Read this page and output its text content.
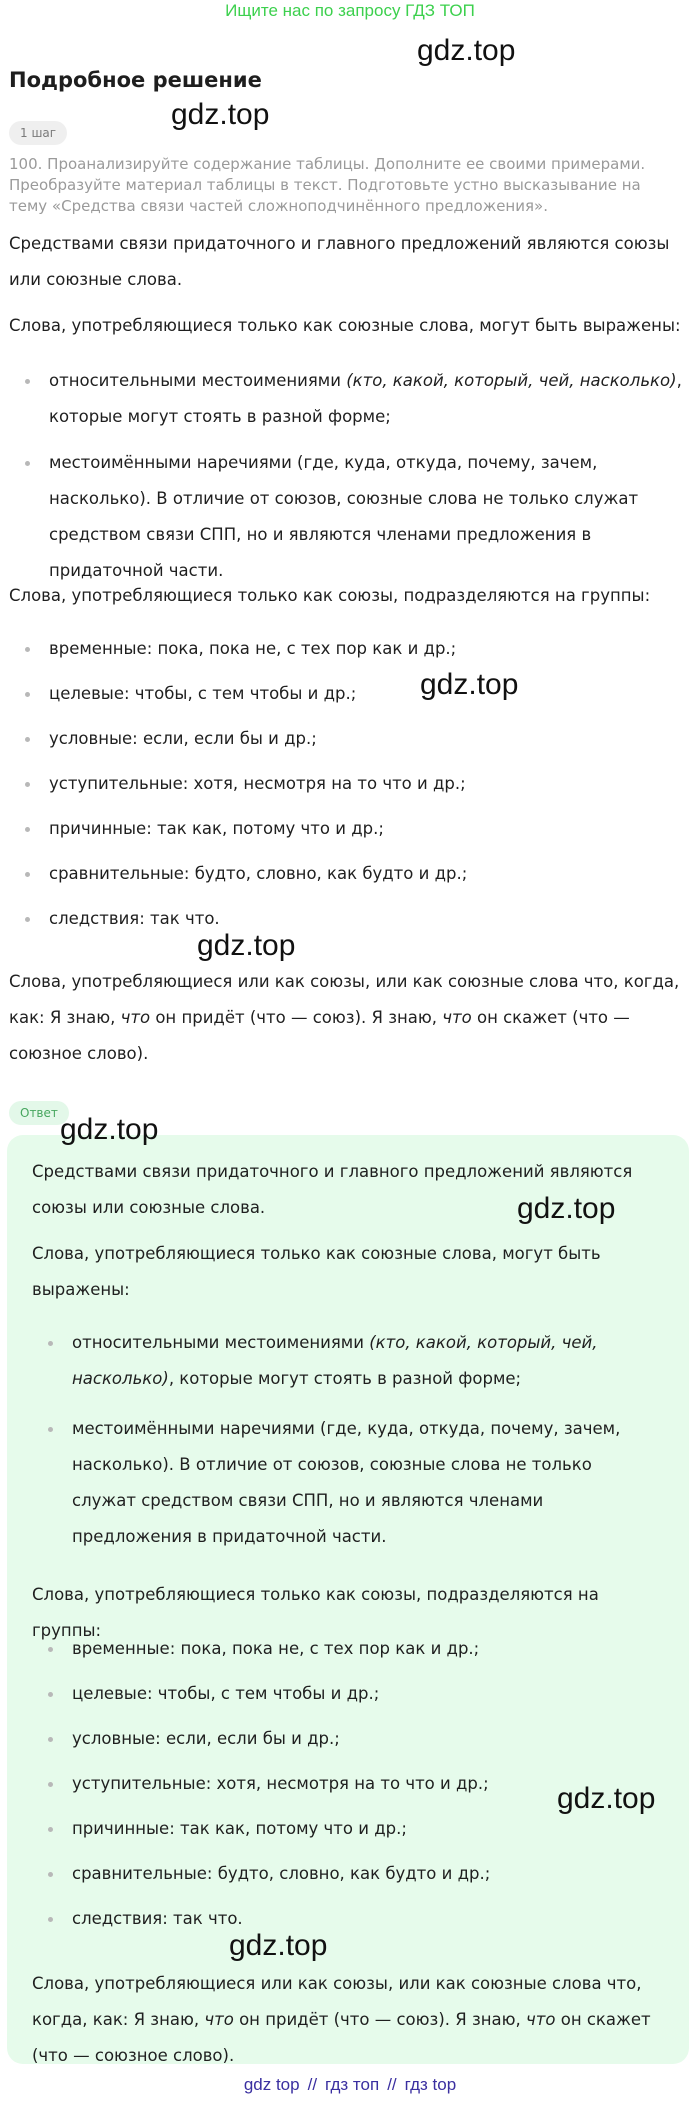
Ищите нас по запросу ГДЗ ТОП
gdz.top
Подробное решение
gdz.top
1 шаг
100. Проанализируйте содержание таблицы. Дополните ее своими примерами. Преобразуйте материал таблицы в текст. Подготовьте устно высказывание на тему «Средства связи частей сложноподчинённого предложения».

Средствами связи придаточного и главного предложений являются союзы или союзные слова.

Слова, употребляющиеся только как союзные слова, могут быть выражены:

относительными местоимениями (кто, какой, который, чей, насколько), которые могут стоять в разной форме;
местоимёнными наречиями (где, куда, откуда, почему, зачем, насколько). В отличие от союзов, союзные слова не только служат средством связи СПП, но и являются членами предложения в придаточной части.

Слова, употребляющиеся только как союзы, подразделяются на группы:

временные: пока, пока не, с тех пор как и др.;
целевые: чтобы, с тем чтобы и др.;
условные: если, если бы и др.;
уступительные: хотя, несмотря на то что и др.;
причинные: так как, потому что и др.;
сравнительные: будто, словно, как будто и др.;
следствия: так что.
gdz.top
gdz.top

Слова, употребляющиеся или как союзы, или как союзные слова что, когда, как: Я знаю, что он придёт (что — союз). Я знаю, что он скажет (что — союзное слово).

Ответ gdz.top

Средствами связи придаточного и главного предложений являются союзы или союзные слова.	gdz.top

Слова, употребляющиеся только как союзные слова, могут быть выражены:

относительными местоимениями (кто, какой, который, чей, насколько), которые могут стоять в разной форме;
местоимёнными наречиями (где, куда, откуда, почему, зачем, насколько). В отличие от союзов, союзные слова не только служат средством связи СПП, но и являются членами предложения в придаточной части.

Слова, употребляющиеся только как союзы, подразделяются на группы:

временные: пока, пока не, с тех пор как и др.;
целевые: чтобы, с тем чтобы и др.;
условные: если, если бы и др.;
уступительные: хотя, несмотря на то что и др.;
причинные: так как, потому что и др.;
сравнительные: будто, словно, как будто и др.;
следствия: так что.
gdz.top
gdz.top

Слова, употребляющиеся или как союзы, или как союзные слова что, когда, как: Я знаю, что он придёт (что — союз). Я знаю, что он скажет (что — союзное слово).

gdz top // гдз топ // гдз top
